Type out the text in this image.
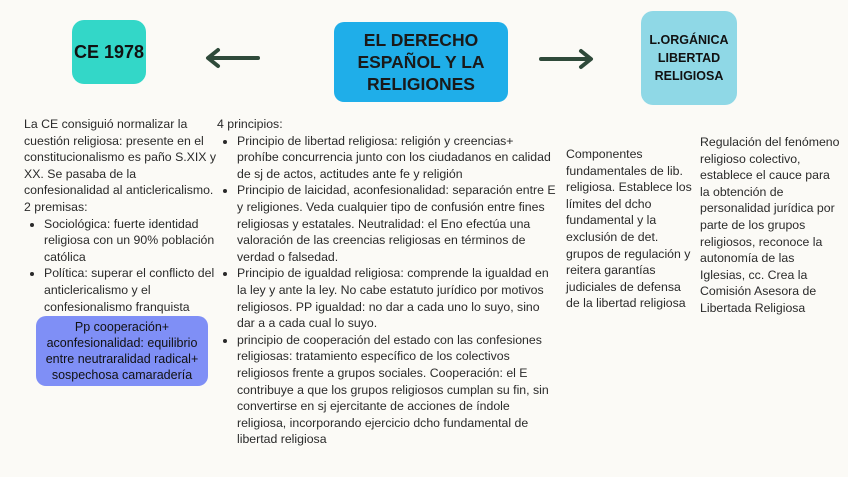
CE 1978
EL DERECHO ESPAÑOL Y LA RELIGIONES
L.ORGÁNICA LIBERTAD RELIGIOSA

La CE consiguió normalizar la cuestión religiosa: presente en el constitucionalismo es paño S.XIX y XX. Se pasaba de la confesionalidad al anticlericalismo. 2 premisas:

• Sociológica: fuerte identidad religiosa con un 90% población católica
• Política: superar el conflicto del anticlericalismo y el confesionalismo franquista
Pp cooperación+ aconfesionalidad: equilibrio entre neutraralidad radical+ sospechosa camaradería

4 principios:

• Principio de libertad religiosa: religión y creencias+ prohíbe concurrencia junto con los ciudadanos en calidad de sj de actos, actitudes ante fe y religión
• Principio de laicidad, aconfesionalidad: separación entre E y religiones. Veda cualquier tipo de confusión entre fines religiosas y estatales. Neutralidad: el Eno efectúa una valoración de las creencias religiosas en términos de verdad o falsedad.
• Principio de igualdad religiosa: comprende la igualdad en la ley y ante la ley. No cabe estatuto jurídico por motivos religiosos. PP igualdad: no dar a cada uno lo suyo, sino dar a a cada cual lo suyo.
• principio de cooperación del estado con las confesiones religiosas: tratamiento específico de los colectivos religiosos frente a grupos sociales. Cooperación: el E contribuye a que los grupos religiosos cumplan su fin, sin convertirse en sj ejercitante de acciones de índole religiosa, incorporando ejercicio dcho fundamental de libertad religiosa
Componentes fundamentales de lib. religiosa. Establece los límites del dcho fundamental y la exclusión de det. grupos de regulación y reitera garantías judiciales de defensa de la libertad religiosa
Regulación del fenómeno religioso colectivo, establece el cauce para la obtención de personalidad jurídica por parte de los grupos religiosos, reconoce la autonomía de las Iglesias, cc. Crea la Comisión Asesora de Libertada Religiosa
